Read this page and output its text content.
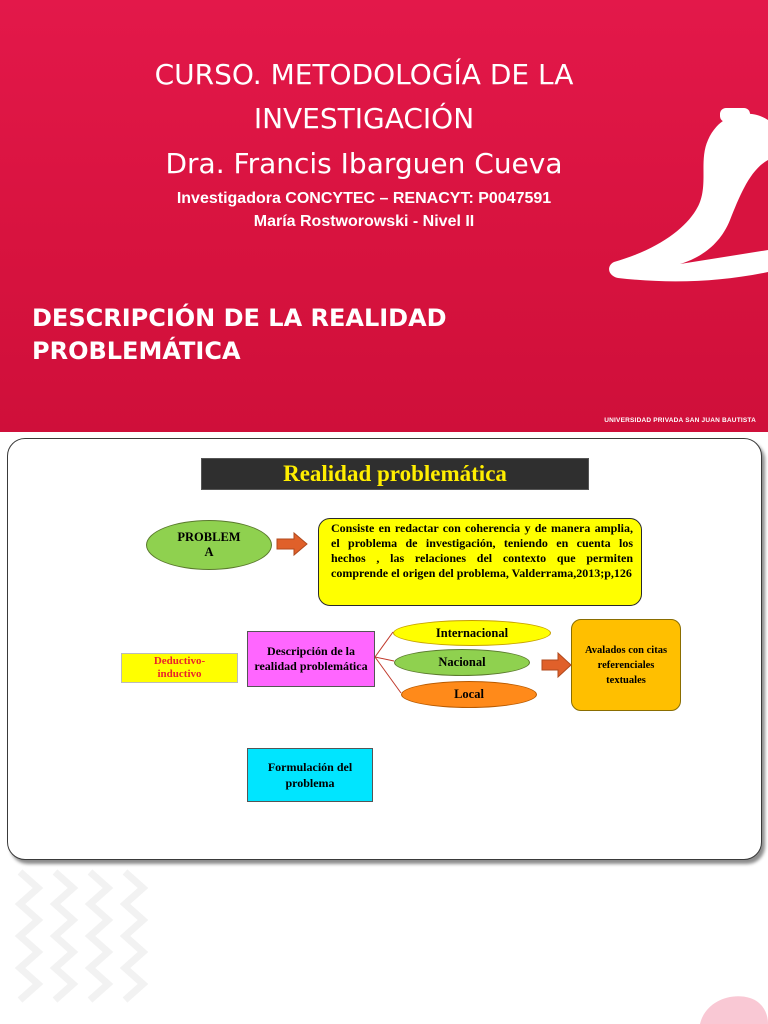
CURSO. METODOLOGÍA DE LA
INVESTIGACIÓN
Dra. Francis Ibarguen Cueva
Investigadora CONCYTEC – RENACYT: P0047591
María Rostworowski - Nivel II
DESCRIPCIÓN DE LA REALIDAD PROBLEMÁTICA
UNIVERSIDAD PRIVADA SAN JUAN BAUTISTA
Realidad problemática
PROBLEMA

Consiste en redactar con coherencia y de manera amplia, el problema de investigación, teniendo en cuenta los hechos , las relaciones del contexto que permiten comprende el origen del problema, Valderrama,2013;p,126

Deductivo-inductivo
Descripción de la realidad problemática
Internacional
Nacional
Local
Avalados con citas referenciales textuales
Formulación del problema
